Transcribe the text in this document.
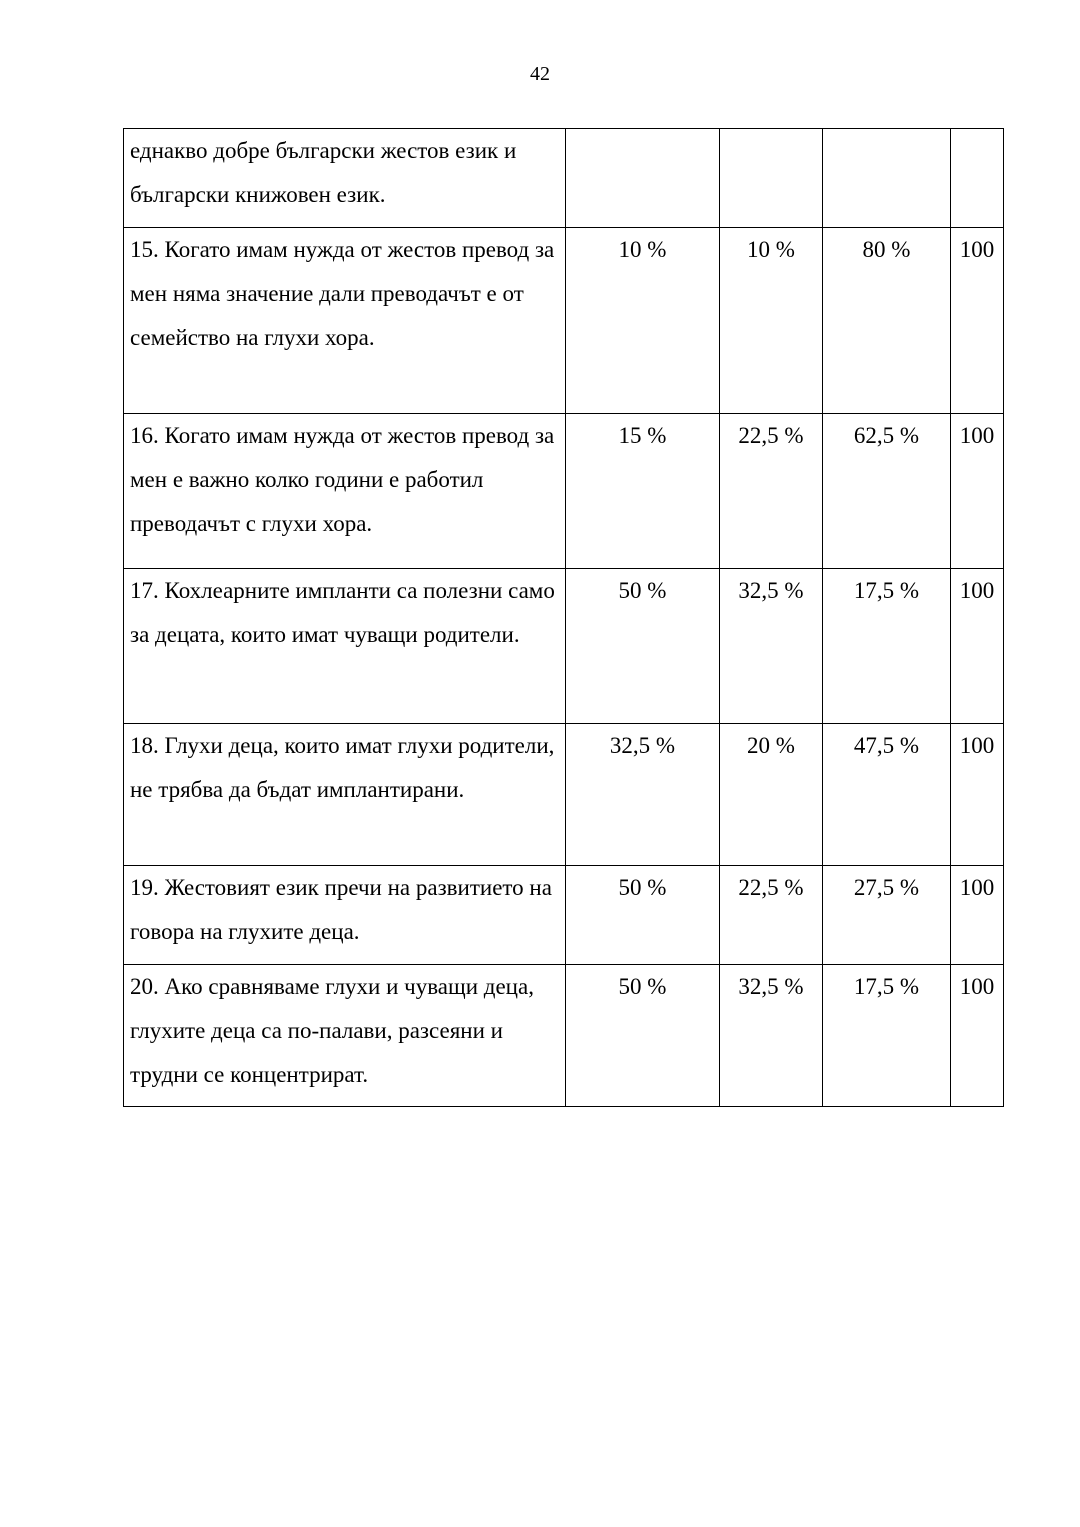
42
еднакво добре български жестов език и български книжовен език.				
15. Когато имам нужда от жестов превод за мен няма значение дали преводачът е от семейство на глухи хора.	10 %	10 %	80 %	100
16. Когато имам нужда от жестов превод за мен е важно колко години е работил преводачът с глухи хора.	15 %	22,5 %	62,5 %	100
17. Кохлеарните импланти са полезни само за децата, които имат чуващи родители.	50 %	32,5 %	17,5 %	100
18. Глухи деца, които имат глухи родители, не трябва да бъдат имплантирани.	32,5 %	20 %	47,5 %	100
19. Жестовият език пречи на развитието на говора на глухите деца.	50 %	22,5 %	27,5 %	100
20. Ако сравняваме глухи и чуващи деца, глухите деца са по-палави, разсеяни и трудни се концентрират.	50 %	32,5 %	17,5 %	100
